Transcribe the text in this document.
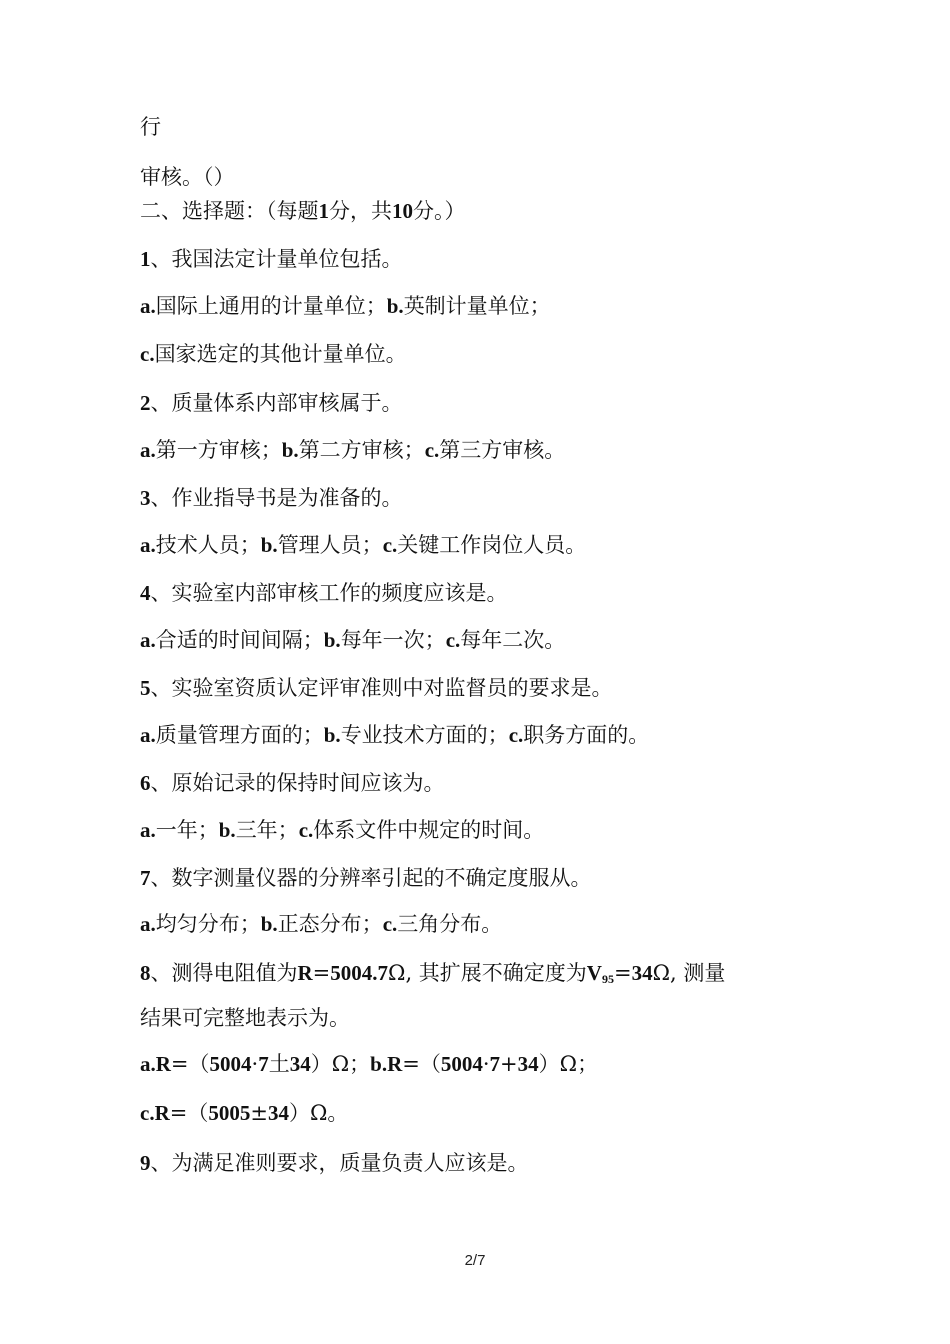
行
审核。（）
二、选择题：（每题1分，共10分。）
1、我国法定计量单位包括。
a.国际上通用的计量单位；b.英制计量单位；
c.国家选定的其他计量单位。
2、质量体系内部审核属于。
a.第一方审核；b.第二方审核；c.第三方审核。
3、作业指导书是为准备的。
a.技术人员；b.管理人员；c.关键工作岗位人员。
4、实验室内部审核工作的频度应该是。
a.合适的时间间隔；b.每年一次；c.每年二次。
5、实验室资质认定评审准则中对监督员的要求是。
a.质量管理方面的；b.专业技术方面的；c.职务方面的。
6、原始记录的保持时间应该为。
a.一年；b.三年；c.体系文件中规定的时间。
7、数字测量仪器的分辨率引起的不确定度服从。
a.均匀分布；b.正态分布；c.三角分布。
8、测得电阻值为R=5004.7Ω, 其扩展不确定度为$V_{95}=34\Omega$, 测量
结果可完整地表示为。
a.R=（5004·7土34）Ω；b.R=（5004·7+34）Ω；
c.R=（5005±34）Ω。
9、为满足准则要求，质量负责人应该是。
2/7
